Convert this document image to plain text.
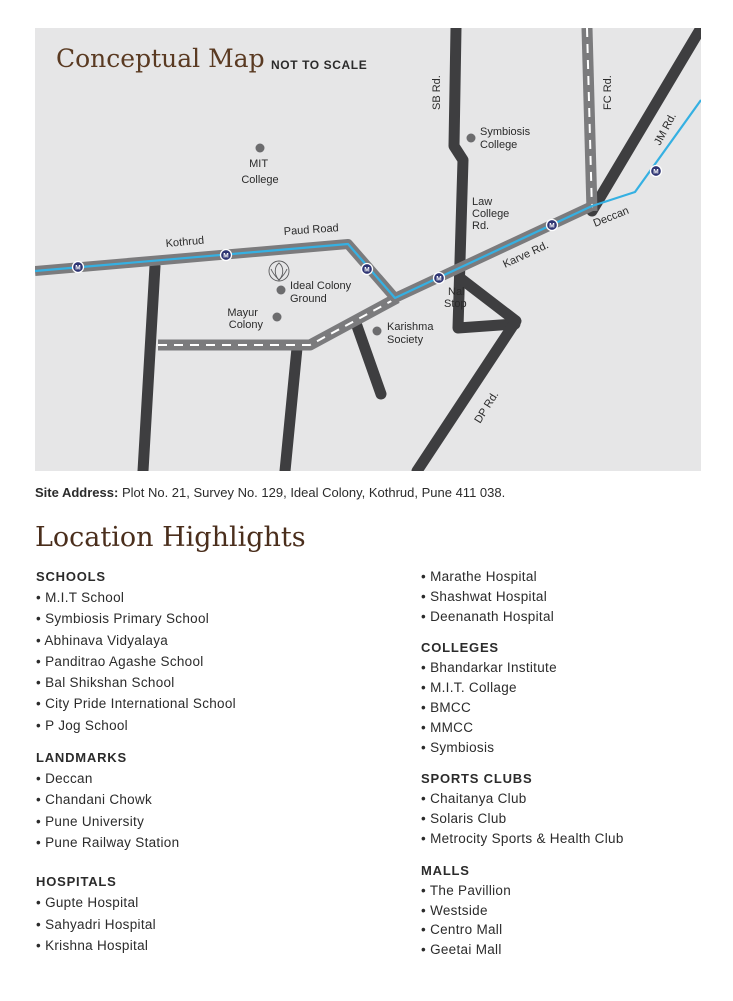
M
M
M
M
M
M
SB Rd.	FC Rd.
JM Rd.
Paud Road
Kothrud	Karve Rd.
Deccan
DP Rd.
MIT College
Symbiosis College
Law College Rd.
Ideal Colony Ground
Mayur Colony
Nal Stop
Karishma Society
Conceptual Map NOT TO SCALE
Site Address: Plot No. 21, Survey No. 129, Ideal Colony, Kothrud, Pune 411 038.
Location Highlights
SCHOOLS
• M.I.T School
• Symbiosis Primary School
• Abhinava Vidyalaya
• Panditrao Agashe School
• Bal Shikshan School
• City Pride International School
• P Jog School
LANDMARKS
• Deccan
• Chandani Chowk
• Pune University
• Pune Railway Station
HOSPITALS
• Gupte Hospital
• Sahyadri Hospital
• Krishna Hospital
• Marathe Hospital
• Shashwat Hospital
• Deenanath Hospital
COLLEGES
• Bhandarkar Institute
• M.I.T. Collage
• BMCC
• MMCC
• Symbiosis
SPORTS CLUBS
• Chaitanya Club
• Solaris Club
• Metrocity Sports & Health Club
MALLS
• The Pavillion
• Westside
• Centro Mall
• Geetai Mall
